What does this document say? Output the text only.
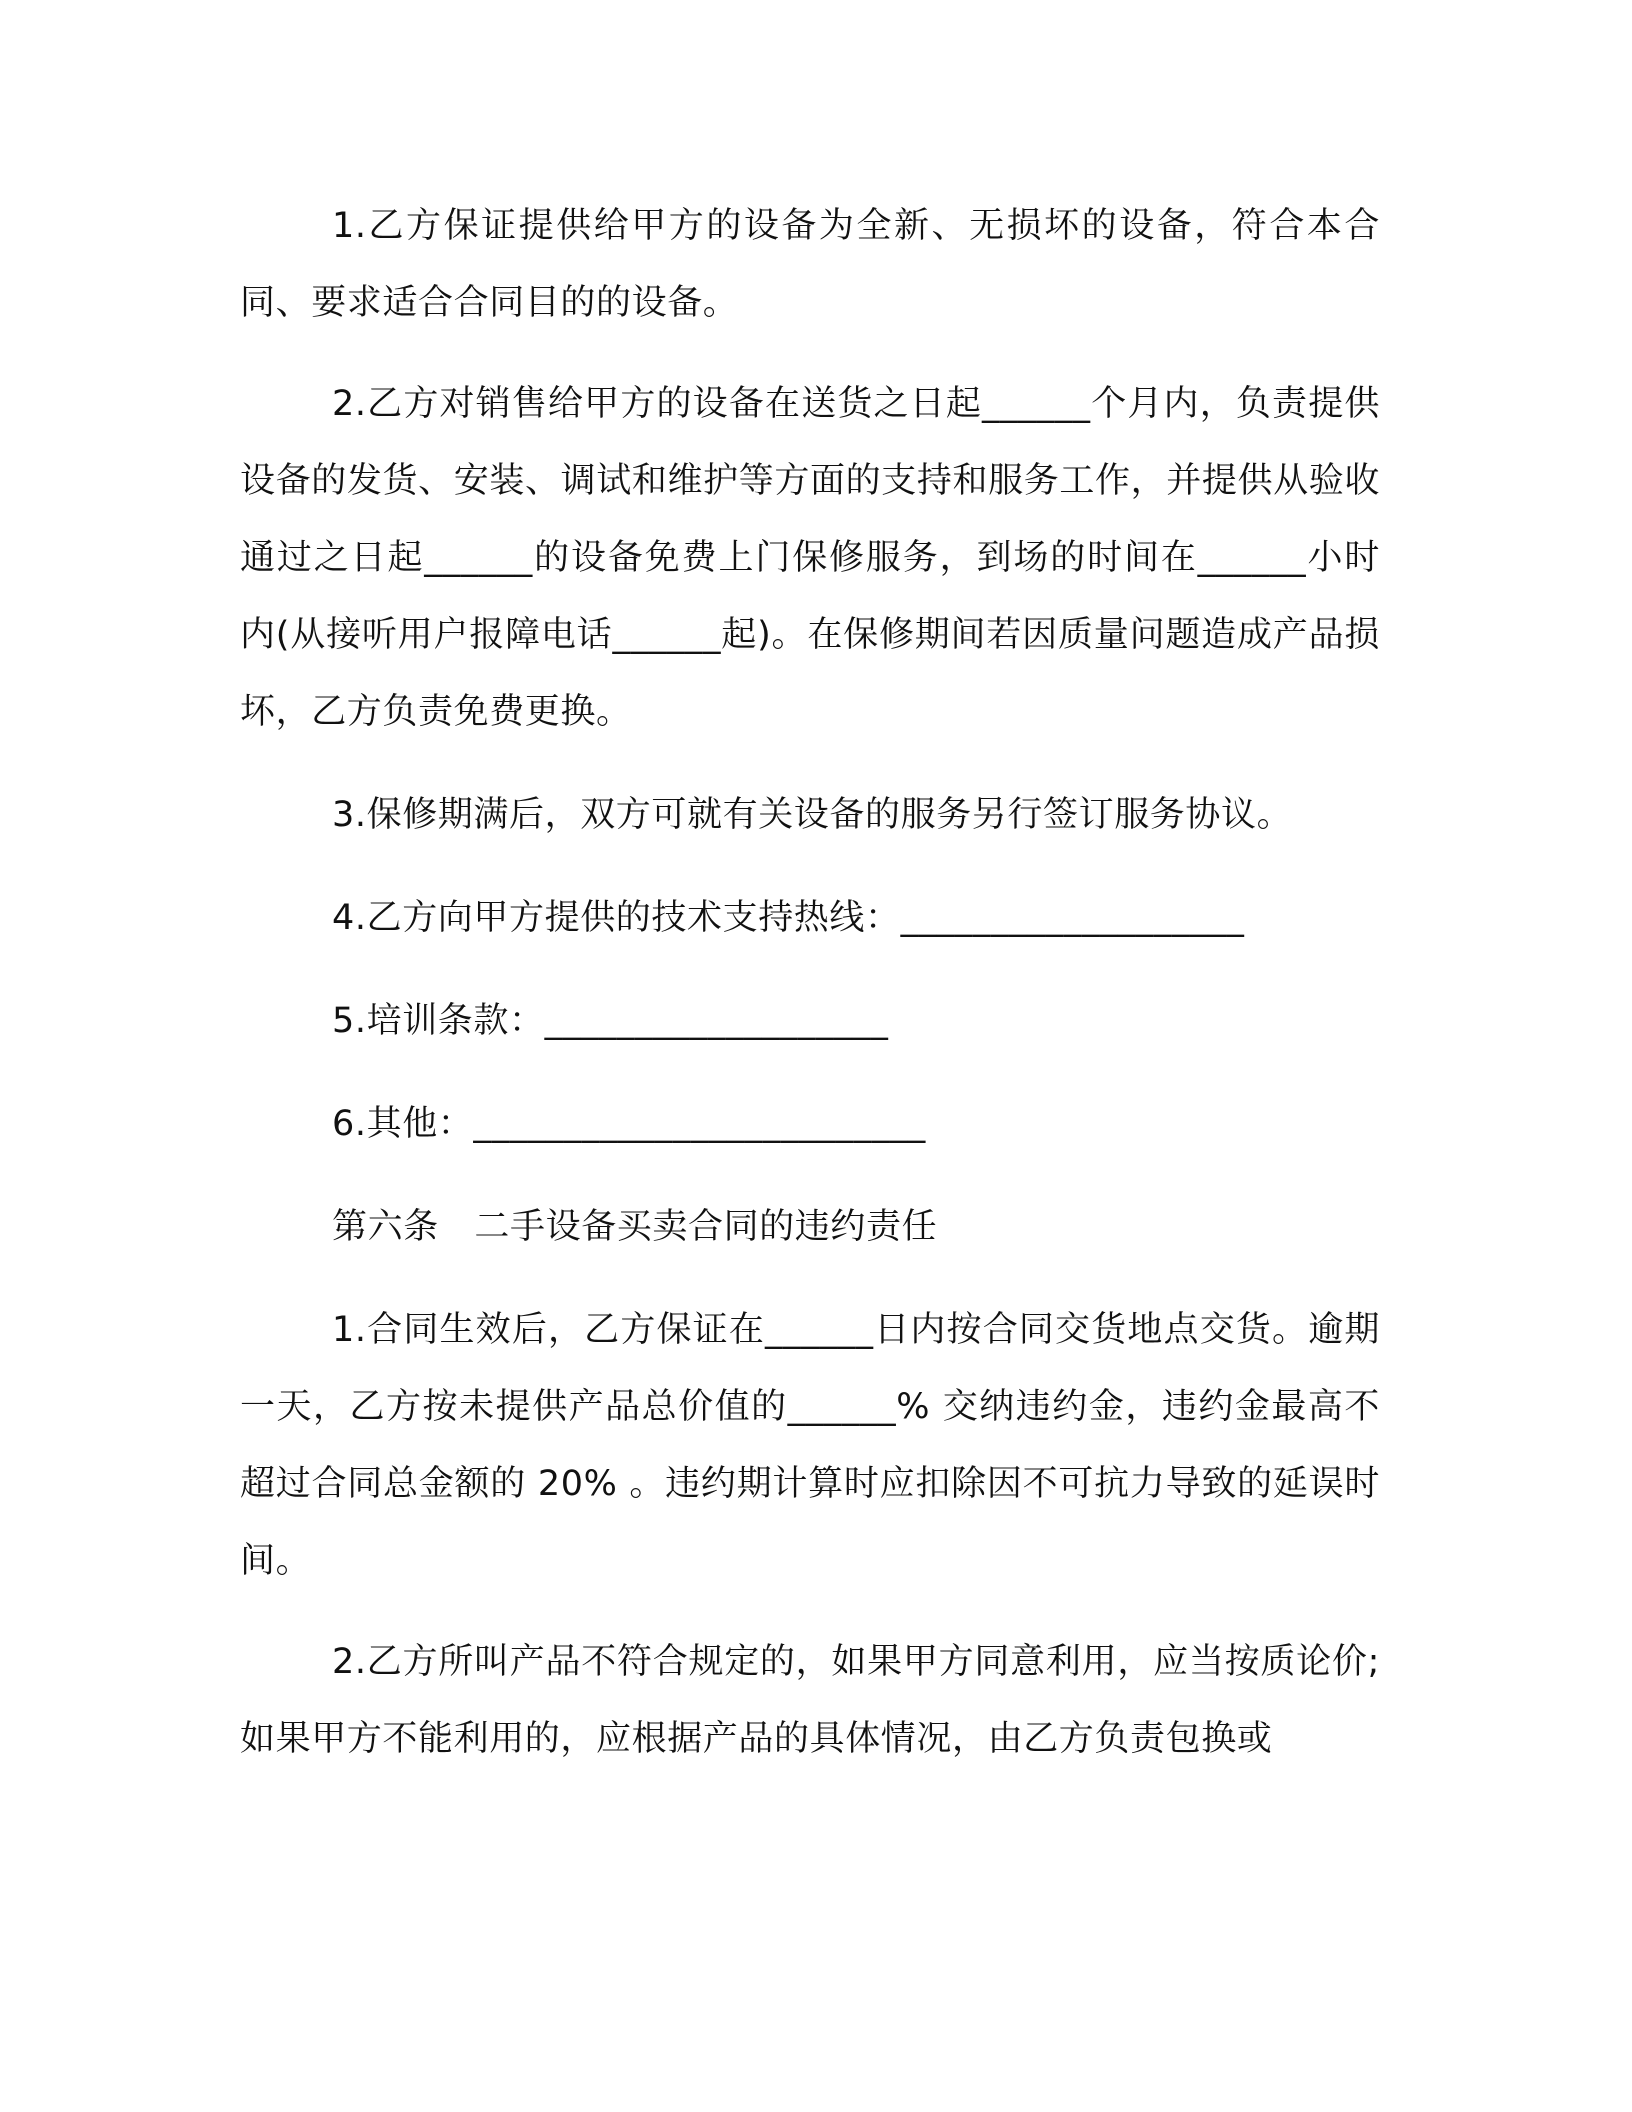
1.乙方保证提供给甲方的设备为全新、无损坏的设备，符合本合同、要求适合合同目的的设备。

2.乙方对销售给甲方的设备在送货之日起______个月内，负责提供设备的发货、安装、调试和维护等方面的支持和服务工作，并提供从验收通过之日起______的设备免费上门保修服务，到场的时间在______小时内(从接听用户报障电话______起)。在保修期间若因质量问题造成产品损坏，乙方负责免费更换。

3.保修期满后，双方可就有关设备的服务另行签订服务协议。

4.乙方向甲方提供的技术支持热线：___________________

5.培训条款：___________________

6.其他：_________________________

第六条　二手设备买卖合同的违约责任

1.合同生效后，乙方保证在______日内按合同交货地点交货。逾期一天，乙方按未提供产品总价值的______% 交纳违约金，违约金最高不超过合同总金额的 20% 。违约期计算时应扣除因不可抗力导致的延误时间。

2.乙方所叫产品不符合规定的，如果甲方同意利用，应当按质论价;如果甲方不能利用的，应根据产品的具体情况，由乙方负责包换或
